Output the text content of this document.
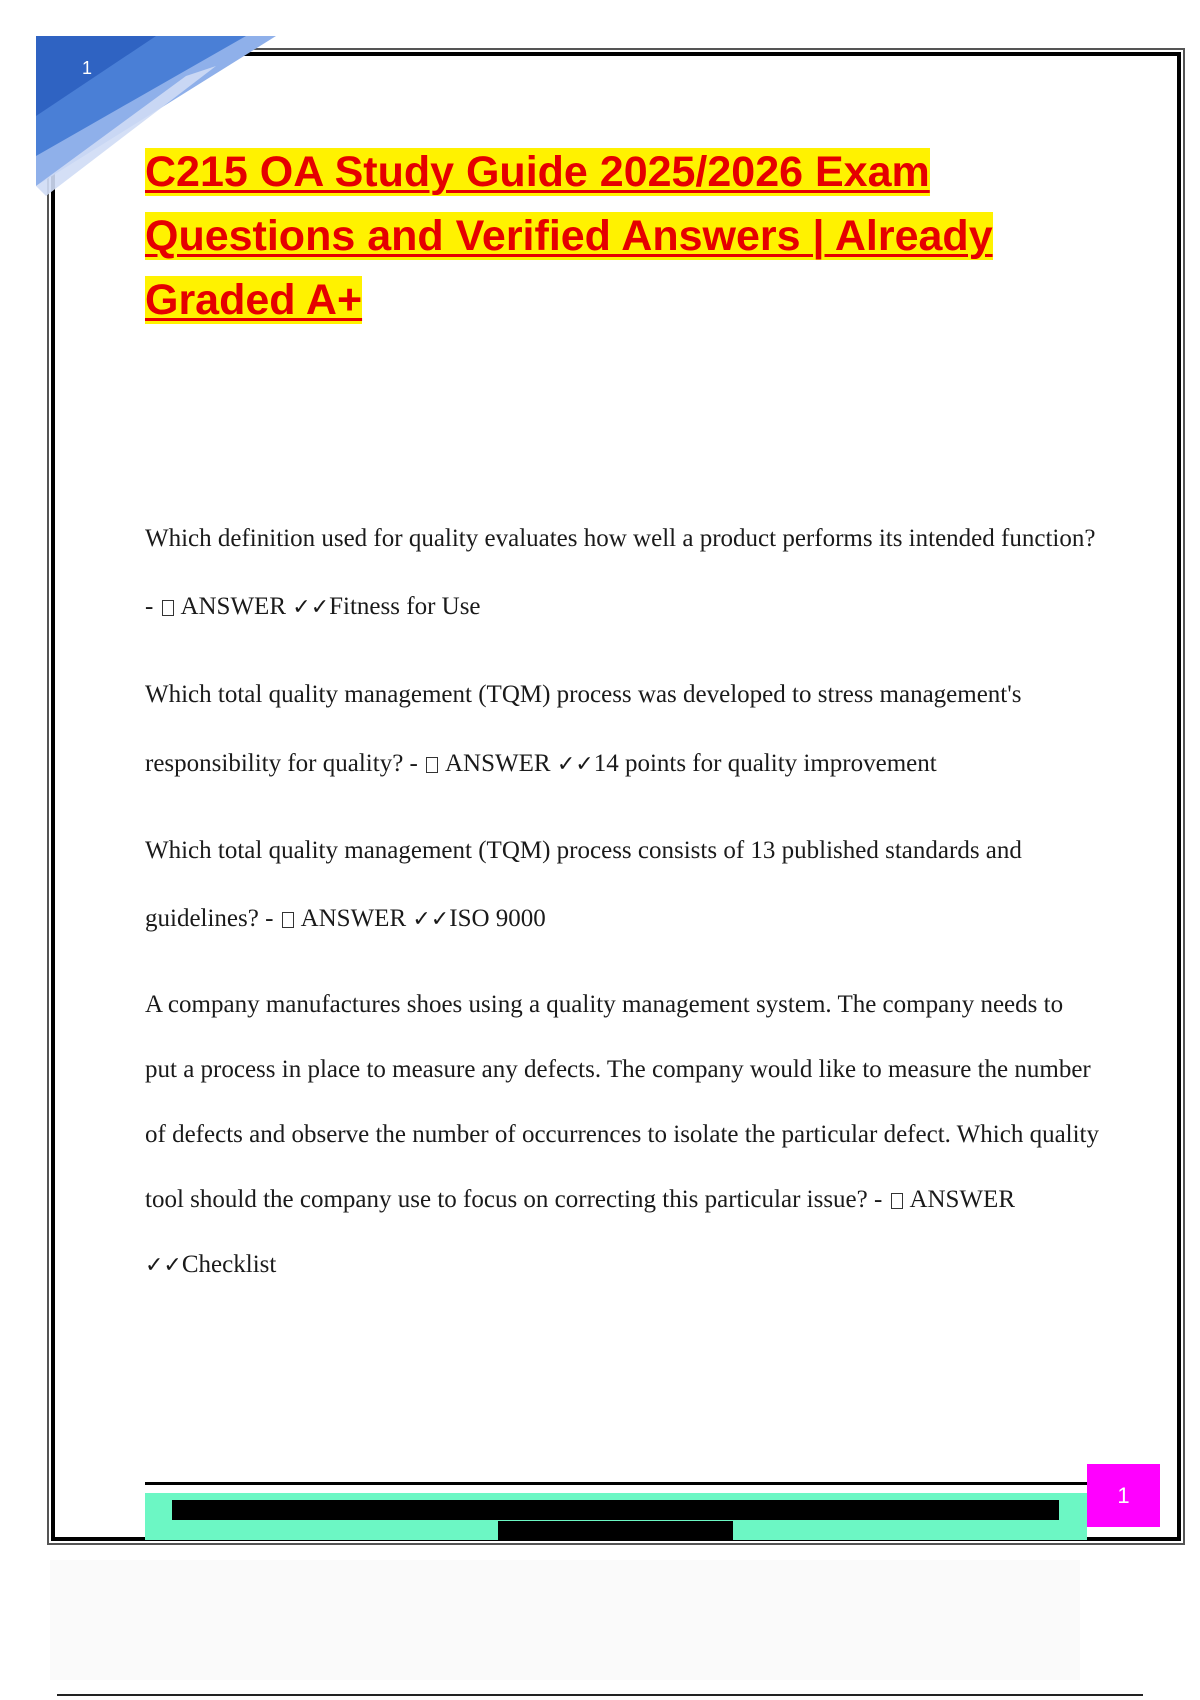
1
C215 OA Study Guide 2025/2026 Exam Questions and Verified Answers | Already Graded A+

Which definition used for quality evaluates how well a product performs its intended function? - ANSWER ✓✓Fitness for Use

Which total quality management (TQM) process was developed to stress management's responsibility for quality? - ANSWER ✓✓14 points for quality improvement

Which total quality management (TQM) process consists of 13 published standards and guidelines? - ANSWER ✓✓ISO 9000

A company manufactures shoes using a quality management system. The company needs to put a process in place to measure any defects. The company would like to measure the number of defects and observe the number of occurrences to isolate the particular defect. Which quality tool should the company use to focus on correcting this particular issue? - ANSWER ✓✓Checklist

1
